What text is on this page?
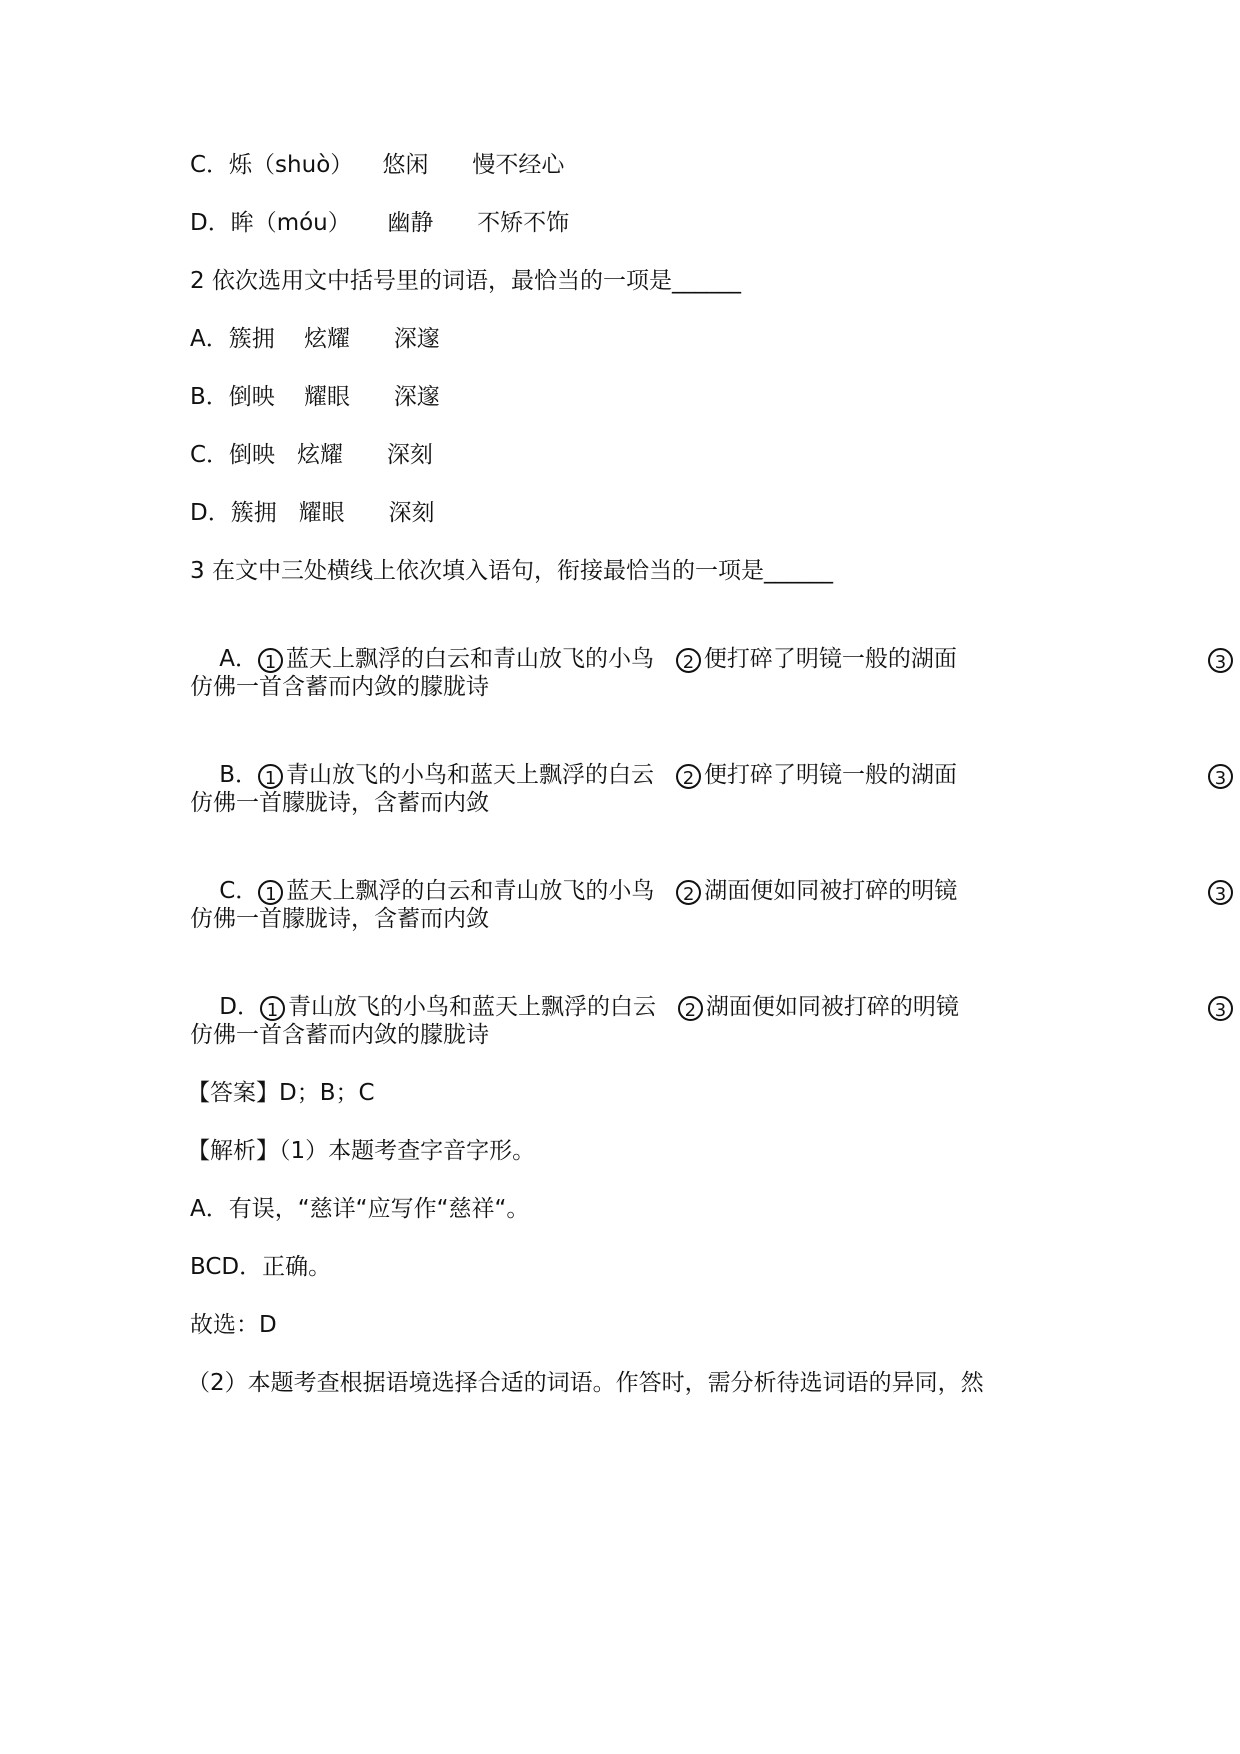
C．烁（shuò）    悠闲      慢不经心
D．眸（móu）     幽静      不矫不饰
2 依次选用文中括号里的词语，最恰当的一项是______
A．簇拥    炫耀      深邃
B．倒映    耀眼      深邃
C．倒映   炫耀      深刻
D．簇拥   耀眼      深刻
3 在文中三处横线上依次填入语句，衔接最恰当的一项是______

A． 1 蓝天上飘浮的白云和青山放飞的小鸟 2 便打碎了明镜一般的湖面	3

仿佛一首含蓄而内敛的朦胧诗

B． 1 青山放飞的小鸟和蓝天上飘浮的白云 2 便打碎了明镜一般的湖面	3

仿佛一首朦胧诗，含蓄而内敛

C． 1 蓝天上飘浮的白云和青山放飞的小鸟 2 湖面便如同被打碎的明镜	3

仿佛一首朦胧诗，含蓄而内敛

D． 1 青山放飞的小鸟和蓝天上飘浮的白云 2 湖面便如同被打碎的明镜	3

仿佛一首含蓄而内敛的朦胧诗
【答案】D；B；C
【解析】（1）本题考查字音字形。
A．有误，“慈详“应写作“慈祥“。
BCD．正确。
故选：D
（2）本题考查根据语境选择合适的词语。作答时，需分析待选词语的异同，然
